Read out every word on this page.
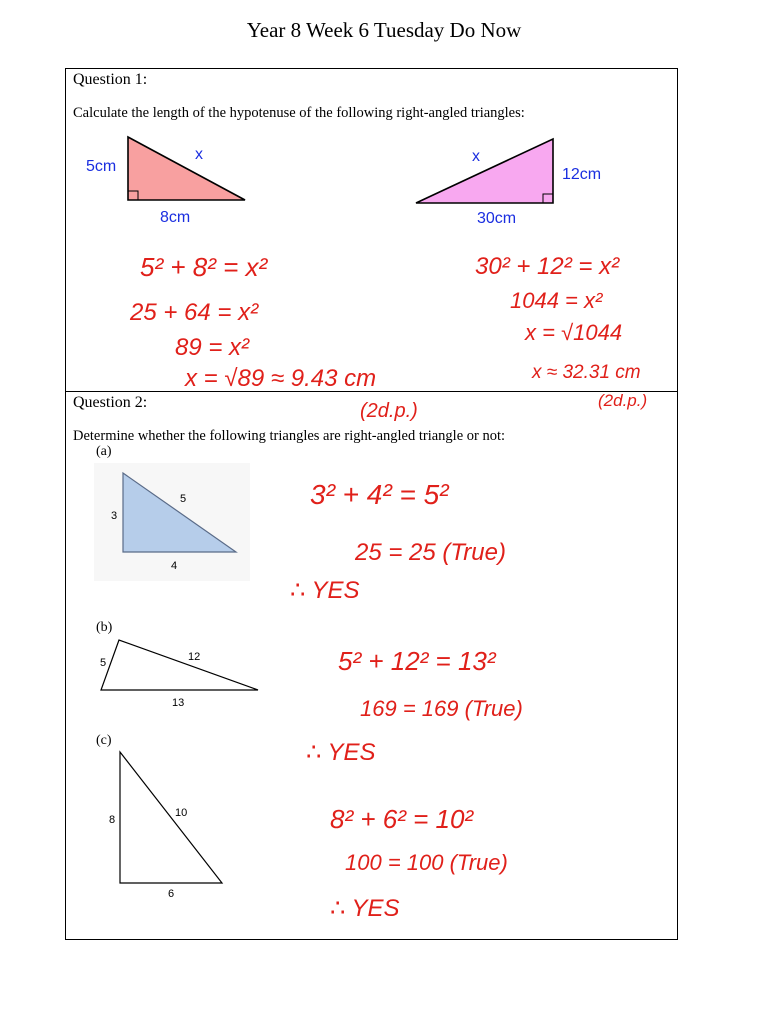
Year 8 Week 6 Tuesday Do Now
Question 1:
Calculate the length of the hypotenuse of the following right-angled triangles:
5cm
8cm
x
12cm
30cm
x
5² + 8² = x²
25 + 64 = x²
89 = x²
x = √89 ≈ 9.43 cm
(2d.p.)
30² + 12² = x²
1044 = x²
x = √1044
x ≈ 32.31 cm
(2d.p.)
Question 2:
Determine whether the following triangles are right-angled triangle or not:
(a)
(b)
(c)
3
4
5
5	12
13
8
6
10
3² + 4² = 5²
25 = 25 (True)
∴ YES
5² + 12² = 13²
169 = 169 (True)
∴ YES
8² + 6² = 10²
100 = 100 (True)
∴ YES
